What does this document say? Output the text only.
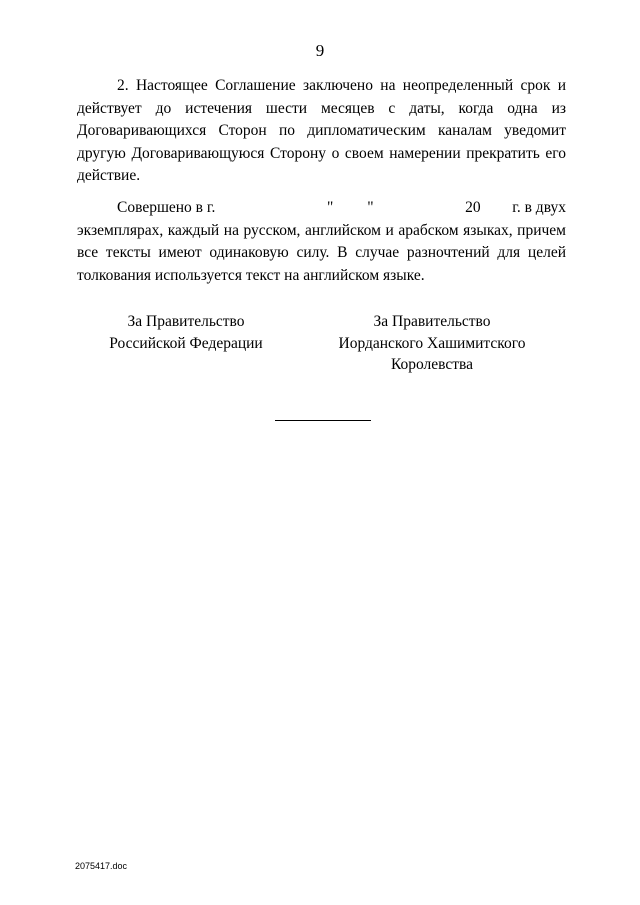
9

2. Настоящее Соглашение заключено на неопределенный срок и действует до истечения шести месяцев с даты, когда одна из Договаривающихся Сторон по дипломатическим каналам уведомит другую Договаривающуюся Сторону о своем намерении прекратить его действие.

Совершено в г.	" "	20 г. в двух
экземплярах, каждый на русском, английском и арабском языках, причем все тексты имеют одинаковую силу. В случае разночтений для целей толкования используется текст на английском языке.
За Правительство
Российской Федерации
За Правительство
Иорданского Хашимитского
Королевства
2075417.doc
